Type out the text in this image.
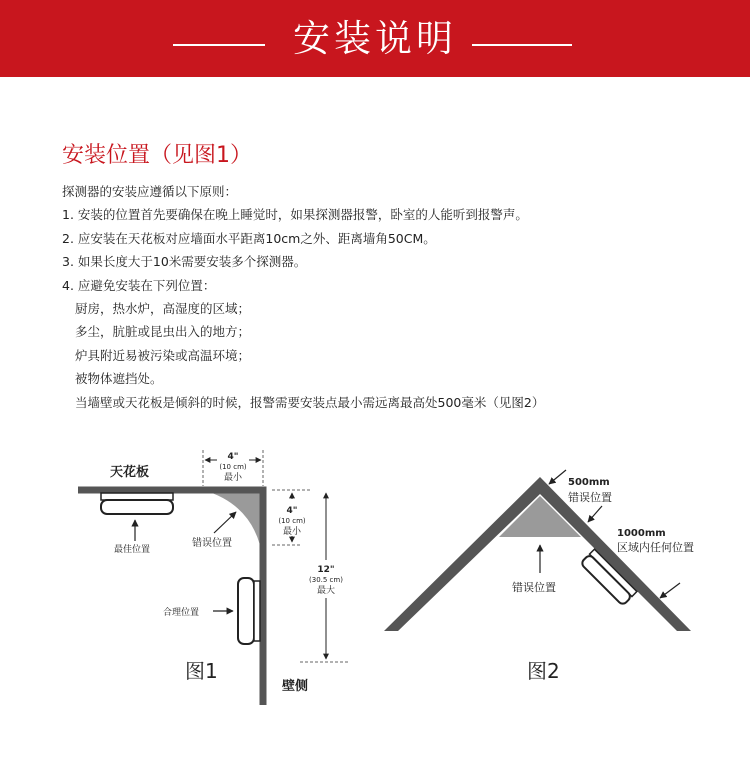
安装说明
安装位置（见图1）
探测器的安装应遵循以下原则：
1. 安装的位置首先要确保在晚上睡觉时，如果探测器报警，卧室的人能听到报警声。
2. 应安装在天花板对应墙面水平距离10cm之外、距离墙角50CM。
3. 如果长度大于10米需要安装多个探测器。
4. 应避免安装在下列位置：
厨房，热水炉，高湿度的区域；
多尘，肮脏或昆虫出入的地方；
炉具附近易被污染或高温环境；
被物体遮挡处。
当墙壁或天花板是倾斜的时候，报警需要安装点最小需远离最高处500毫米（见图2）
天花板
壁侧
最佳位置
错误位置
合理位置
4"
(10 cm)
最小
4"
(10 cm)
最小
12"
(30.5 cm)
最大
图1
500mm
错误位置
1000mm
区域内任何位置
错误位置
图2
